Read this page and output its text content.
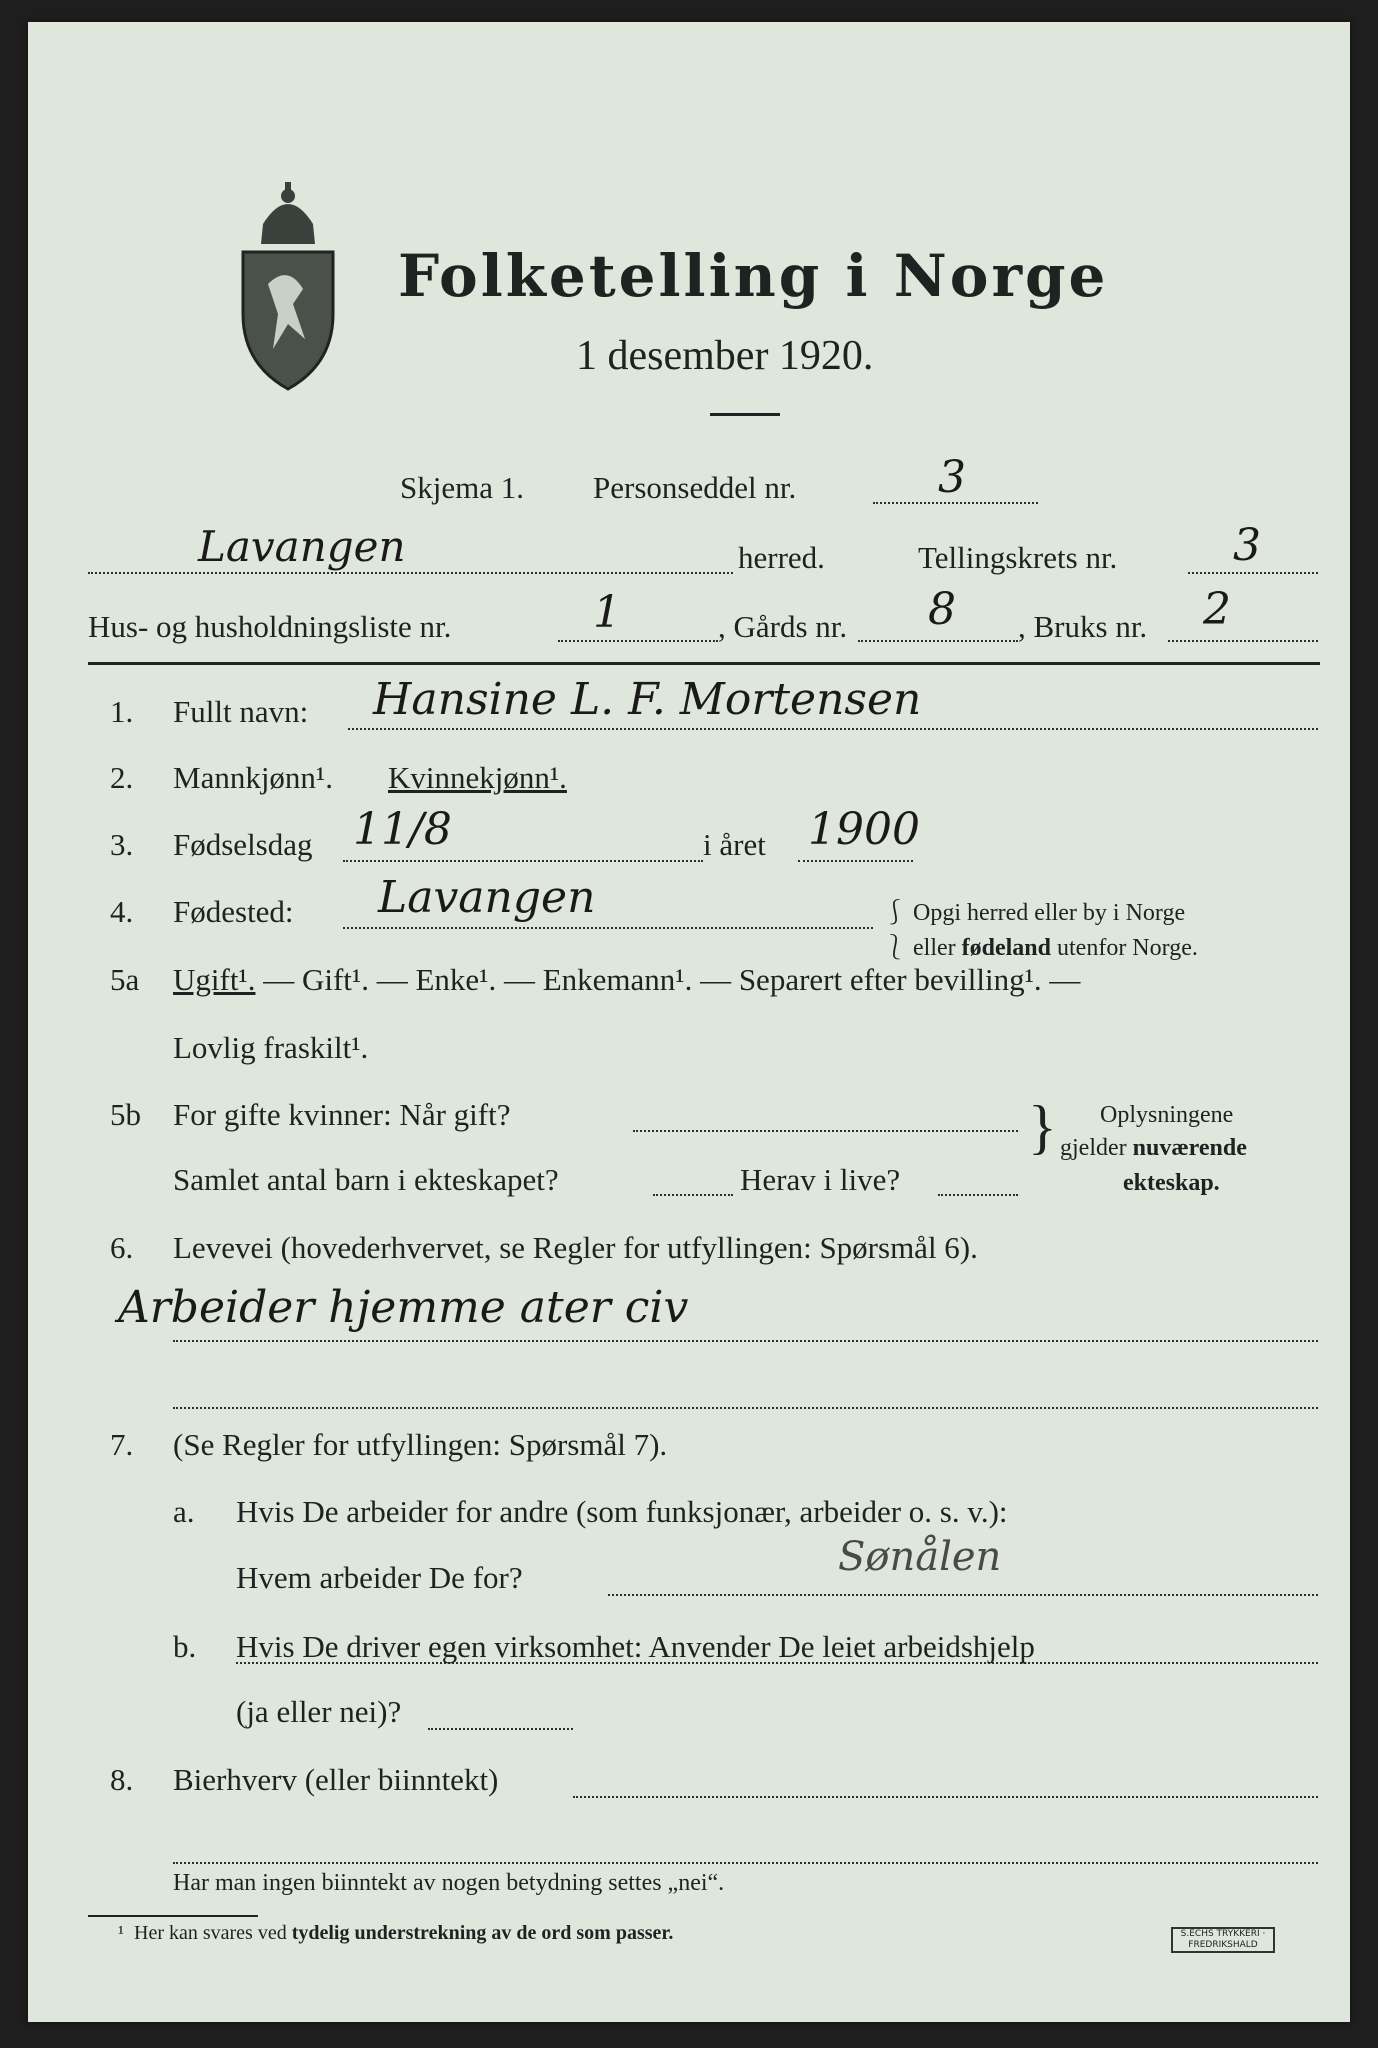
Folketelling i Norge
1 desember 1920.
Skjema 1. Personseddel nr.	3
Lavangen	herred.	Tellingskrets nr.	3
Hus- og husholdningsliste nr.	1	, Gårds nr. 8 , Bruks nr. 2
1. Fullt navn: Hansine L. F. Mortensen
2. Mannkjønn¹. Kvinnekjønn¹.
3. Fødselsdag 11/8	i året 1900
4. Fødested: Lavangen	⎰ Opgi herred eller by i Norge
⎱ eller fødeland utenfor Norge.
5a Ugift¹. — Gift¹. — Enke¹. — Enkemann¹. — Separert efter bevilling¹. —
Lovlig fraskilt¹.
5b For gifte kvinner: Når gift?
Samlet antal barn i ekteskapet?	Herav i live?
} Oplysningene
gjelder nuværende
ekteskap.
6. Levevei (hovederhvervet, se Regler for utfyllingen: Spørsmål 6).
Arbeider hjemme ater civ
7. (Se Regler for utfyllingen: Spørsmål 7).
a. Hvis De arbeider for andre (som funksjonær, arbeider o. s. v.):
Hvem arbeider De for?	Sønålen
b. Hvis De driver egen virksomhet: Anvender De leiet arbeidshjelp
(ja eller nei)?
8. Bierhverv (eller biinntekt)
Har man ingen biinntekt av nogen betydning settes „nei“.
¹ Her kan svares ved tydelig understrekning av de ord som passer.	S.ECHS TRYKKERI · FREDRIKSHALD
